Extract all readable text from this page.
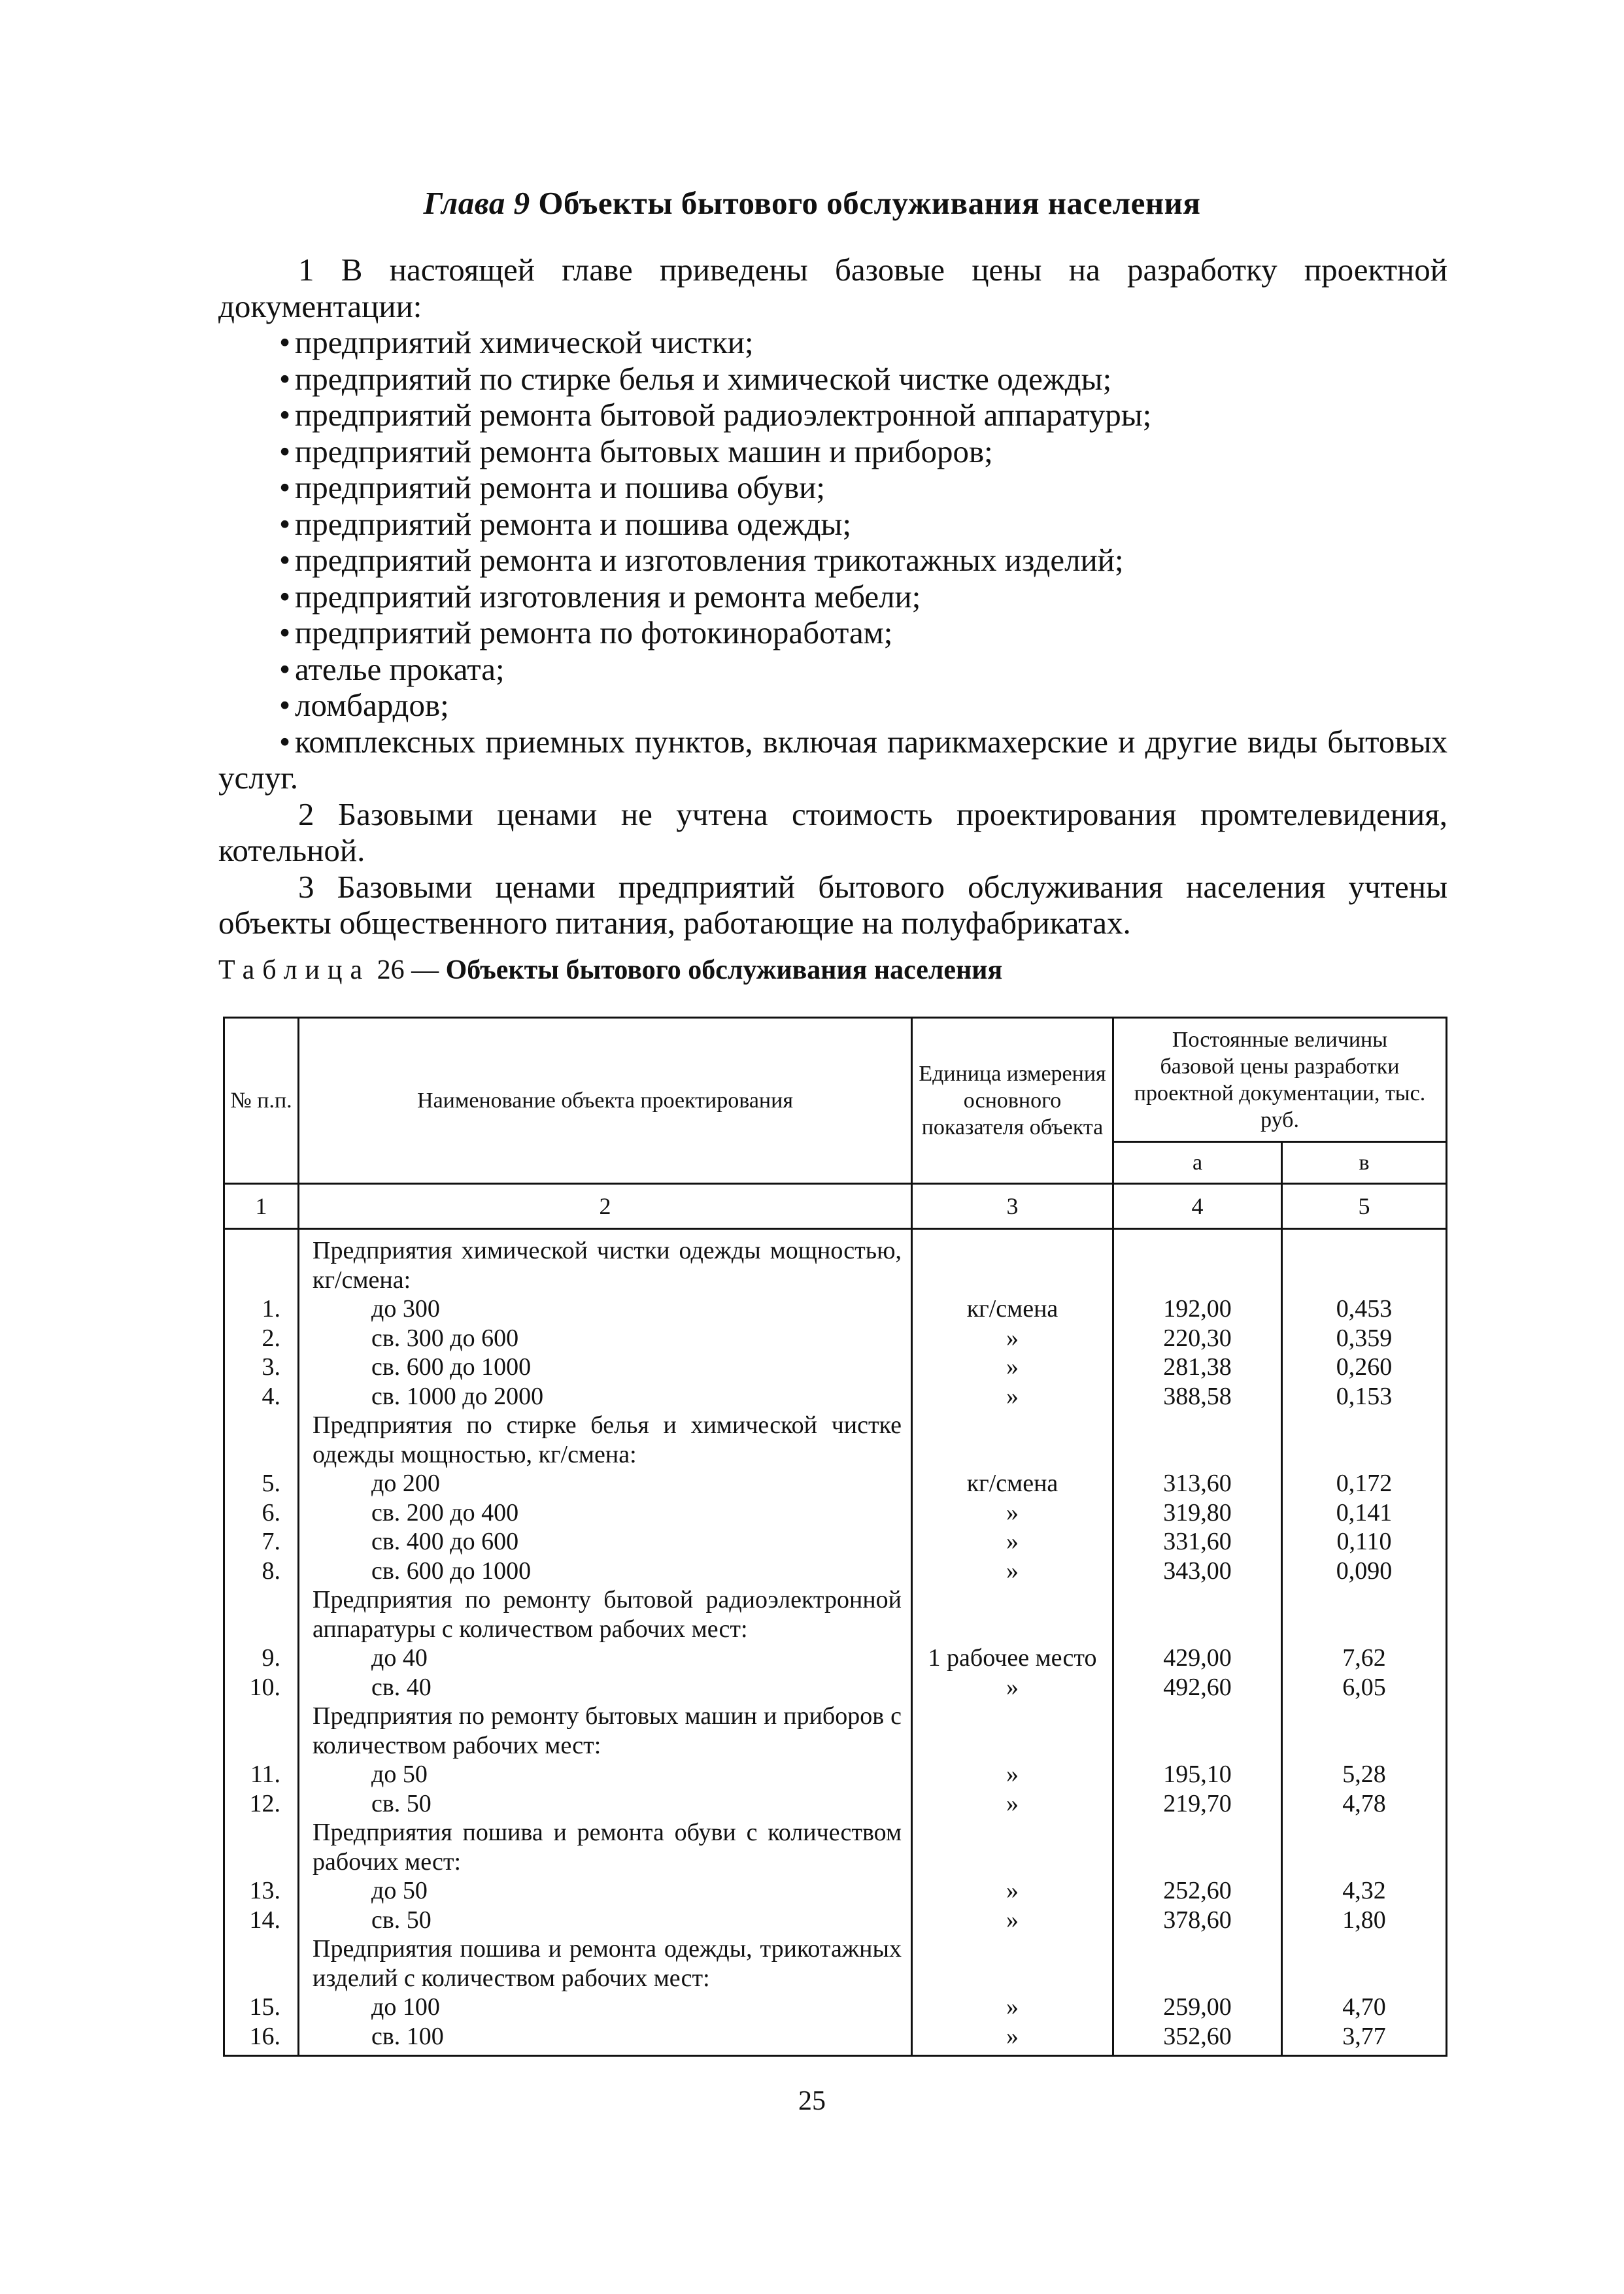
Глава 9 Объекты бытового обслуживания населения

1 В настоящей главе приведены базовые цены на разработку проектной документации:

• предприятий химической чистки;
• предприятий по стирке белья и химической чистке одежды;
• предприятий ремонта бытовой радиоэлектронной аппаратуры;
• предприятий ремонта бытовых машин и приборов;
• предприятий ремонта и пошива обуви;
• предприятий ремонта и пошива одежды;
• предприятий ремонта и изготовления трикотажных изделий;
• предприятий изготовления и ремонта мебели;
• предприятий ремонта по фотокиноработам;
• ателье проката;
• ломбардов;
• комплексных приемных пунктов, включая парикмахерские и другие виды бытовых услуг.

2 Базовыми ценами не учтена стоимость проектирования промтелевидения, котельной.

3 Базовыми ценами предприятий бытового обслуживания населения учтены объекты общественного питания, работающие на полуфабрикатах.

Таблица 26 — Объекты бытового обслуживания населения
№ п.п.	Наименование объекта проектирования	Единица измерения основного показателя объекта	Постоянные величины базовой цены разработки проектной документации, тыс. руб.	
			а	в
1	2	3	4	5

	Предприятия химической чистки одежды мощностью, кг/смена:			

1.	до 300	кг/смена	192,00	0,453
2.	св. 300 до 600	»	220,30	0,359
3.	св. 600 до 1000	»	281,38	0,260
4.	св. 1000 до 2000	»	388,58	0,153

	Предприятия по стирке белья и химической чистке одежды мощностью, кг/смена:			

5.	до 200	кг/смена	313,60	0,172
6.	св. 200 до 400	»	319,80	0,141
7.	св. 400 до 600	»	331,60	0,110
8.	св. 600 до 1000	»	343,00	0,090

	Предприятия по ремонту бытовой радиоэлектронной аппаратуры с количеством рабочих мест:			

9.	до 40	1 рабочее место	429,00	7,62
10.	св. 40	»	492,60	6,05

	Предприятия по ремонту бытовых машин и приборов с количеством рабочих мест:			

11.	до 50	»	195,10	5,28
12.	св. 50	»	219,70	4,78

	Предприятия пошива и ремонта обуви с количеством рабочих мест:			

13.	до 50	»	252,60	4,32
14.	св. 50	»	378,60	1,80

	Предприятия пошива и ремонта одежды, трикотажных изделий с количеством рабочих мест:			

15.	до 100	»	259,00	4,70
16.	св. 100	»	352,60	3,77
25
